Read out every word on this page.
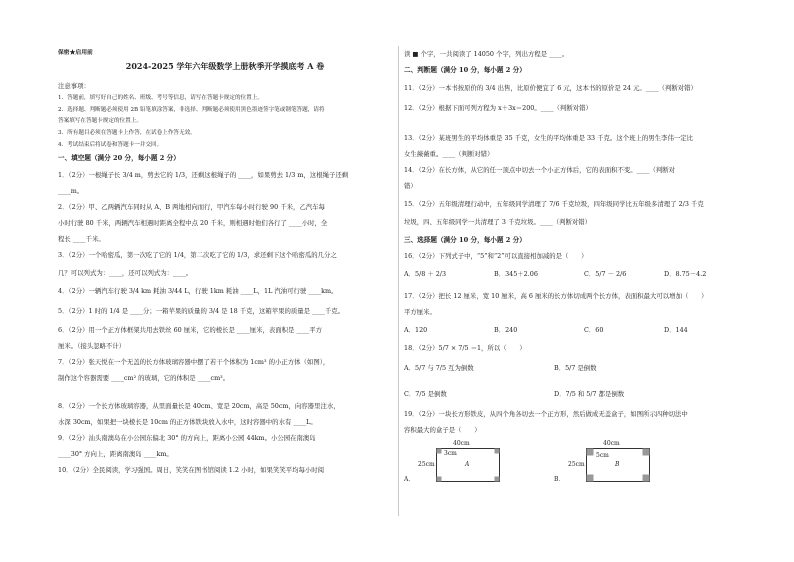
保密★启用前
2024-2025 学年六年级数学上册秋季开学摸底考 A 卷
注意事项：
1．答题前，填写好自己的姓名、班级、考号等信息，请写在答题卡规定的位置上。
2．选择题、判断题必须使用 2B 铅笔填涂答案，非选择、判断题必须使用黑色墨迹签字笔或钢笔答题，请将
答案填写在答题卡规定的位置上。
3．所有题目必须在答题卡上作答，在试卷上作答无效。
4．考试结束后将试卷和答题卡一并交回。
一、填空题（满分 20 分，每小题 2 分）
1．（2分）一根绳子长 3/4 m，剪去它的 1/3，还剩这根绳子的 ____，如果剪去 1/3 m，这根绳子还剩
____m。
2．（2分）甲、乙两辆汽车同时从 A、B 两地相向而行，甲汽车每小时行驶 90 千米，乙汽车每
小时行驶 80 千米，两辆汽车相遇时距离全程中点 20 千米，则相遇时他们各行了 ____小时，全
程长 ____千米。
3．（2分）一个哈密瓜，第一次吃了它的 1/4，第二次吃了它的 1/3，求还剩下这个哈密瓜的几分之
几？可以列式为：____，还可以列式为：____。
4．（2分）一辆汽车行驶 3/4 km 耗油 3/44 L，行驶 1km 耗油 ____L，1L 汽油可行驶 ____km。
5．（2分）1 时的 1/4 是 ____分；一箱苹果的质量的 3/4 是 18 千克，这箱苹果的质量是 ____千克。
6．（2分）用一个正方体框架共用去铁丝 60 厘米，它的棱长是 ____厘米，表面积是 ____平方
厘米。（接头忽略不计）
7．（2分）张天悦在一个无盖的长方体玻璃容器中摆了若干个体积为 1cm³ 的小正方体（如图），
制作这个容器需要 ____cm² 的玻璃，它的体积是 ____cm³。
8．（2分）一个长方体玻璃容器，从里面量长是 40cm、宽是 20cm，高是 50cm，向容器里注水，
水深 30cm，如果把一块棱长是 10cm 的正方体铁块放入水中，这时容器中的水有 ____L。
9．（2分）汕头南澳岛在小公园东偏北 30° 的方向上，距离小公园 44km。小公园在南澳岛
____30° 方向上，距离南澳岛 ____km。
10．（2分）全民阅读，学习强国。周日，笑笑在图书馆阅读 1.2 小时，如果笑笑平均每小时阅
读 ■ 个字，一共阅读了 14050 个字，列出方程是 ____。
二、判断题（满分 10 分，每小题 2 分）
11．（2分）一本书按原价的 3/4 出售，比原价便宜了 6 元，这本书的原价是 24 元。____（判断对错）
12．（2分）根据下面可列方程为 x＋3x＝200。____（判断对错）
13．（2分）某班男生的平均体重是 35 千克，女生的平均体重是 33 千克。这个班上的男生李伟一定比
女生薇薇重。____（判断对错）
14．（2分）在长方体，从它的任一顶点中切去一个小正方体后，它的表面积不变。____（判断对
错）
15．（2分）五年级清理行动中，五年级同学清理了 7/6 千克垃圾，四年级同学比五年级多清理了 2/3 千克
垃圾，四、五年级同学一共清理了 3 千克垃圾。____（判断对错）
三、选择题（满分 10 分，每小题 2 分）
16．（2分）下列式子中，“5”和“2”可以直接相加减的是（　　）
A．5/8 ＋ 2/3	B．345＋2.06	C．5/7 － 2/6	D．8.75－4.2
17．（2分）把长 12 厘米，宽 10 厘米，高 6 厘米的长方体切成两个长方体，表面积最大可以增加（　　）
平方厘米。
A．120	B．240	C．60	D．144
18．（2分）5/7 × 7/5 ＝1，所以（　　）
A．5/7 与 7/5 互为倒数	B．5/7 是倒数
C．7/5 是倒数	D．7/5 和 5/7 都是倒数
19．（2分）一块长方形铁皮，从四个角各切去一个正方形，然后做成无盖盒子，如图所示四种切法中
容积最大的盒子是（　　）
A．
40cm
25cm
3cm
A
B．
40cm
25cm
5cm
B
